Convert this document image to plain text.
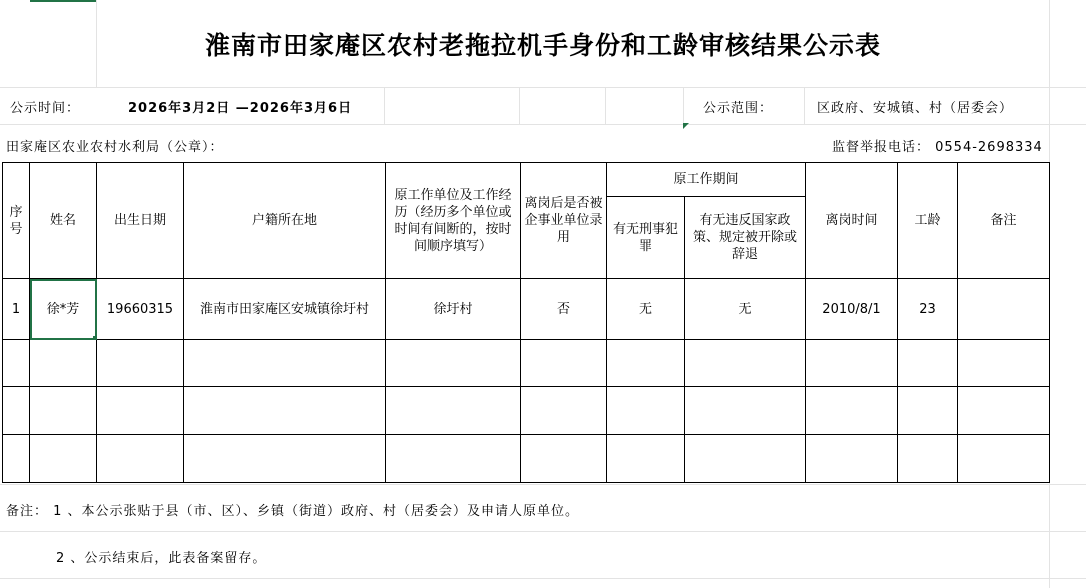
淮南市田家庵区农村老拖拉机手身份和工龄审核结果公示表
公示时间：	2026年3月2日 —2026年3月6日	公示范围：	区政府、安城镇、村（居委会）
田家庵区农业农村水利局（公章）：	监督举报电话： 0554-2698334
序号	姓名	出生日期	户籍所在地	原工作单位及工作经历（经历多个单位或时间有间断的，按时间顺序填写）	离岗后是否被企事业单位录用	原工作期间		离岗时间	工龄	备注

						有无刑事犯罪	有无违反国家政策、规定被开除或辞退			

1	徐*芳	19660315	淮南市田家庵区安城镇徐圩村	徐圩村	否	无	无	2010/8/1	23	

备注： 1 、本公示张贴于县（市、区）、乡镇（街道）政府、村（居委会）及申请人原单位。
2 、公示结束后，此表备案留存。
